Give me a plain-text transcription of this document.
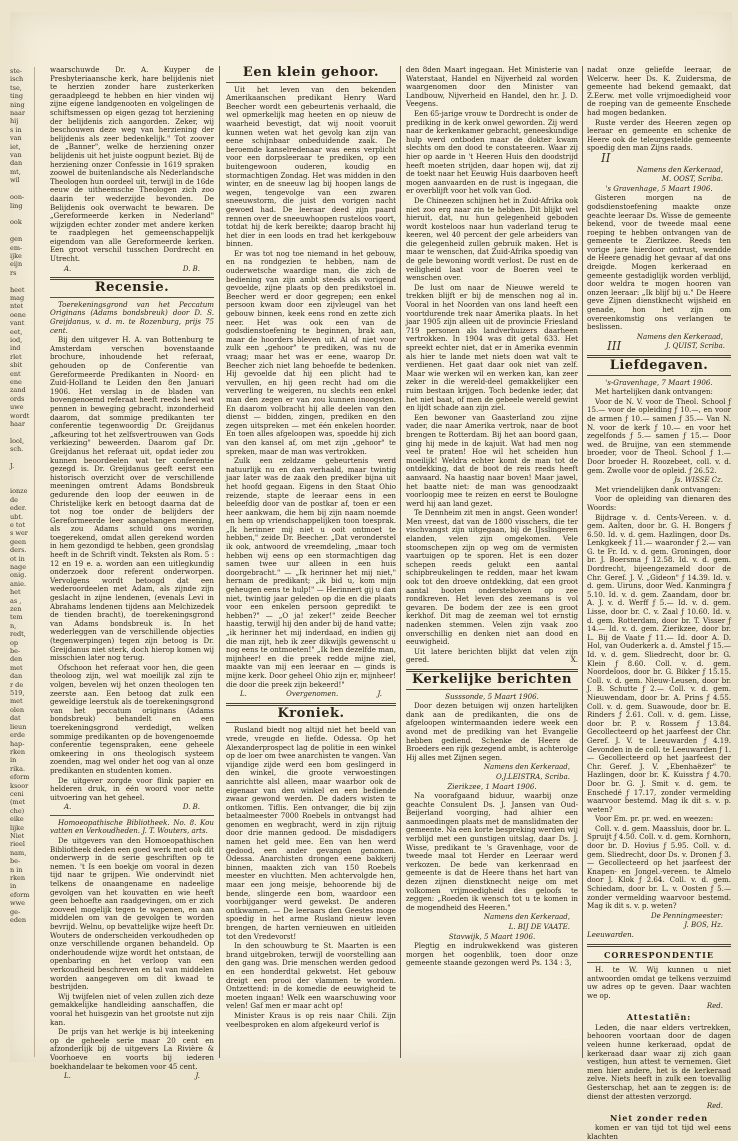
ste-
isch
tse,
ting
ning
naar
hij
s in
van
iet,
van
dan
mt,
wil

oon-
ling

ook

gen
em-
ijke
eijn
rs

heet
mag
ntet
oene
vant
eet,
iod,
ind
rlet
sbit
ent
ene
zand
ords
uwe
wordt
haar

lool,
sch.

J.

ionze
de
eder.
ubt.
e tot
s wer
geen
ders.
ot in
nage
onig.
anie.
het
as ,
zen
tem
n,
redt,
op
be-
den
met
dan
r de
519,
met
olen
dat
lieun
erde
hap-
rken
in
rika.
eform
ksoor
ceni
(met
che)
eike
lijke
Niet
rieel
nam,
be-
n in
rken
in
eform
wwe
ge-
eden

waarschuwde Dr. A. Kuyper de Presbyteriaansche kerk, hare belijdenis niet te herzien zonder hare zusterkerken geraadpleegd te hebben en hier vinden wij zijne eigene landgenooten en volgelingen de schiftsmessen op eigen gezag tot herziening der belijdenis zich aangorden. Zeker, wij beschouwen deze weg van herziening der belijdenis als zeer bedenkelijk." Tot zoover de „Banner", welke de herziening onzer belijdenis uit het juiste oogpunt beziet. Bij de herziening onzer Confessie in 1619 spraken zoowel de buitenlandsche als Nederlandsche Theologen hun oordeel uit, terwijl in de 16de eeuw de uitheemsche Theologen zich zoo daarin ter wederzijde bevonden. De Belijdenis ook overwacht te bewaren. De „Gereformeerde kerken in Nederland" wijzigden echter zonder met andere kerken te raadplegen het gemeenschappelijk eigendom van alle Gereformeerde kerken. Een groot verschil tusschen Dordrecht en Utrecht.

A.	D. B.
Recensie.

Toerekeningsgrond van het Peccatum Originans (Adams bondsbreuk) door D. S. Greijdanus, v. d. m. te Rozenburg, prijs 75 cent.

Bij den uitgever H. A. van Bottenburg te Amsterdam verschen bovenstaande brochure, inhoudende het referaat, gehouden op de Conferentie van Gereformeerde Predikanten in Noord- en Zuid-Holland te Leiden den 8en Januari 1906. Het verslag in de bladen van bovengenoemd referaat heeft reeds heel wat pennen in beweging gebracht, inzonderheid daarom, dat sommige predikanten ter conferentie tegenwoordig Dr. Greijdanus „afkeuring tot het zelfsvertrouwen van Gods verkiezing" beweerden. Daarom gaf Dr. Greijdanus het referaat uit, opdat ieder zou kunnen beoordeelen wat ter conferentie gezegd is. Dr. Greijdanus geeft eerst een historisch overzicht over de verschillende meeningen omtrent Adams Bondsbreuk gedurende den loop der eeuwen in de Christelijke kerk en betoogt daarna dat de tot nog toe onder de belijders der Gereformeerde leer aangehangen meening, als zou Adams schuld ons worden toegerekend, omdat allen gerekend worden in hem gezondigd te hebben, geen grondslag heeft in de Schrift vindt. Teksten als Rom. 5 : 12 en 19 e. a. worden aan een uitlegkundig onderzoek door referent onderworpen. Vervolgens wordt betoogd dat een wederoordeelen met Adam, als zijnde zijn geslacht in zijne lendenen, (evenals Levi in Abrahams lendenen tijdens aan Melchizedek de tienden bracht), de toerekeningsgrond van Adams bondsbreuk is. In het wederleggen van de verschillende objecties (tegenwerpingen) tegen zijn betoog is Dr. Greijdanus niet sterk, doch hierop komen wij misschien later nog terug.

Ofschoon het referaat voor hen, die geen theoloog zijn, wel wat moeilijk zal zijn te volgen, bevelen wij het onzen theologen ten zeerste aan. Een betoog dat zulk een geweldige leerstuk als de toerekeningsgrond van het peccatum originans (Adams bondsbreuk) behandelt en een toerekeningsgrond verdedigt, welken sommige predikanten op de bovengenoemde conferentie tegenspraken, eene geheele omkeering in ons theologisch systeem zoenden, mag wel onder het oog van al onze predikanten en studenten komen.

De uitgever zorgde voor flink papier en helderen druk, in één woord voor nette uitvoering van het geheel.

A.	D. B.

Homoeopathische Bibliotheek. No. 8. Kou vatten en Verkoudheden. J. T. Wouters, arts.

De uitgevers van den Homoeopathischen Bibliotheek deden een goed werk met ook dit onderwerp in de serie geschriften op te nemen. 't Is een boekje om vooral in dezen tijd naar te grijpen. Wie ondervindt niet telkens de onaangename en nadeelige gevolgen van het kouvatten en wie heeft geen behoefte aan raadgevingen, om er zich zooveel mogelijk tegen te wapenen, en aan middelen om van de gevolgen te worden bevrijd. Welnu, op bevattelijke wijze heeft Dr. Wouters de onderscheiden verkoudheden op onze verschillende organen behandeld. Op onderhoudende wijze wordt het ontstaan, de openbaring en het verloop van een verkoudheid beschreven en tal van middelen worden aangegeven om dit kwaad te bestrijden.

Wij twijfelen niet of velen zullen zich deze gemakkelijke handleiding aanschaffen, die vooral het huisgezin van het grootste nut zijn kan.

De prijs van het werkje is bij inteekening op de geheele serie maar 20 cent en afzonderlijk bij de uitgevers La Rivière & Voorhoeve en voorts bij iederen boekhandelaar te bekomen voor 45 cent.

L.	J.
Een klein gehoor.

Uit het leven van den bekenden Amerikaanschen predikant Henry Ward Beecher wordt een gebeurtenis verhaald, die wel opmerkelijk mag heeten en op nieuw de waarheid bevestigt, dat wij nooit vooruit kunnen weten wat het gevolg kan zijn van eene schijnbaar onbeduidende zaak. De beroemde kanselredenaar was eens verplicht voor een dorpsleeraar te prediken, op een buitengewoon ouderen, koudig en stormachtigen Zondag. Het was midden in den winter, en de sneeuw lag bij hoopen langs de wegen, tengevolge van een zwaren sneeuwstorm, die juist den vorigen nacht gewoed had. De leeraar deed zijn paard rennen over de sneeuwhoopen rusteloos voort, totdat hij de kerk bereikte; daarop bracht hij het dier in een loods en trad het kerkgebouw binnen.

Er was tot nog toe niemand in het gebouw, en na rondgezien te hebben, nam de ouderwetsche waardige man, die zich de bediening van zijn ambt steeds als vorigend gevoelde, zijne plaats op den predikstoel in. Beecher werd er door gegrepen; een enkel persoon kwam door een zijvleugel van het gebouw binnen, keek eens rond en zette zich neer. Het was ook een van de godsdienstoefening te beginnen, brak aan, maar de hoorders bleven uit. Al of niet voor zulk een „gehoor" te prediken, was nu de vraag; maar het was er eene, waarop Dr. Beecher zich niet lang behoefde te bedenken. Hij gevoelde dat hij een plicht had te vervullen, en hij geen recht had om die ververling te weigeren, nu slechts een enkel man den zegen er van zou kunnen inoogsten. En daarom volbracht hij alle deelen van den dienst — bidden, zingen, prediken en den zegen uitspreken — met één enkelen hoorder. En toen alles afgeloopen was, spoedde hij zich van den kansel af, om met zijn „gehoor" te spreken, maar de man was vertrokken.

Zulk een zeldzame gebeurtenis werd natuurlijk nu en dan verhaald, maar twintig jaar later was de zaak den prediker bijna uit het hoofd gegaan. Eigens in den Staat Ohio reizende, stapte de leeraar eens in een beleefdig door van de postkar af, toen er een heer aankwam, die hem bij zijn naam noemde en hem op vriendschappelijken toon toesprak. „Ik herinner mij niet u ooit ontmoet te hebben," zeide Dr. Beecher. „Dat veronderstel ik ook, antwoord de vreemdeling, „maar toch hebben wij eens op een stormachtigen dag samen twee uur alleen in een huis doorgebracht." — „Ik herinner het mij niet," hernam de predikant; „ik bid u, kom mijn geheugen eens te hulp!" — Herinnert gij u dan niet, twintig jaar geleden op die en die plaats voor een enkelen persoon gepredikt te hebben?" — „O ja! zeker!" zeide Beecher haastig, terwijl hij den ander bij de hand vatte; „ik herinner het mij inderdaad, en indien gij die man zijt, heb ik zeer dikwijls gewenscht u nog eens te ontmoeten!" „Ik ben dezelfde man, mijnheer! en die preek redde mijne ziel, maakte van mij een leeraar en — ginds is mijne kerk. Door geheel Ohio zijn er, mijnheer! die door die preek zijn bekeerd!"

L.	Overgenomen.	J.
Kroniek.

Rusland biedt nog altijd niet het beeld van vrede, vreugde en liefde. Odessa. Op het Alexanderprospect lag de politie in een winkel op de loer om twee anarchisten te vangen. Van vijandige zijde werd een bom geslingerd in den winkel, die groote verwoestingen aanrichtte alsl alleen, maar waarbor ook de eigenaar van den winkel en een bediende zwaar gewond werden. De daders wisten te ontkomen. Tiflis. Een ontvanger, die bij zijn betaalmeester 7000 Roebels in ontvangst had genomen en wegbracht, werd in zijn rijtuig door drie mannen gedood. De misdadigers namen het geld mee. Een van hen werd gedood, een ander gevangen genomen. Odessa. Anarchisten drongen eene bakkerij binnen, maakten zich van 150 Roebels meester en vluchtten. Men achtervolgde hen, maar een jong meisje, behoorende bij de bende, slingerde een bom, waardoor een voorbijganger werd gewekst. De anderen ontkwamen. — De leeraars den Geestes moge spoedig in het arme Rusland nieuw leven brengen, de harten vernieuwen en uitleiden tot den Vredevorst!

In den schouwburg te St. Maarten is een brand uitgebroken, terwijl de voorstelling aan den gang was. Drie menschen werden gedood en een honderdtal gekwetst. Het gebouw dreigt een prooi der vlammen te worden. Ontzettend: in de komedie de eeuwigheid te moeten ingaan! Welk een waarschuwing voor velen! Gaf men er maar acht op!

Minister Kraus is op reis naar Chili. Zijn veelbesproken en alom afgekeurd verlof is

den 8den Maart ingegaan. Het Ministerie van Waterstaat, Handel en Nijverheid zal worden waargenomen door den Minister van Landbouw, Nijverheid en Handel, den hr. J. D. Veegens.

Een 65-jarige vrouw te Dordrecht is onder de prediking in de kerk onwel geworden. Zij werd naar de kerkenkamer gebracht, geneeskundige hulp werd ontboden maar de dokter kwam slechts om den dood te constateeren. Waar zij hier op aarde in 't Heeren Huis den doodstrijd heeft moeten strijden, daar hopen wij, dat zij de toekt naar het Eeuwig Huis daarboven heeft mogen aanvaarden en de rust is ingegaan, die er overblijft voor het volk van God.

De Chineezen schijnen het in Zuid-Afrika ook niet zoo erg naar zin te hebben. Dit blijkt wel hieruit, dat, nu hun gelegenheid geboden wordt kosteloos naar hun vaderland terug te keeren, wel 40 percent der gele arbeiders van die gelegenheid zullen gebruik maken. Het is maar te wenschen, dat Zuid-Afrika spoedig van de gele bewoning wordt verlost. De rust en de veiligheid laat voor de Boeren veel te wenschen over.

De lust om naar de Nieuwe wereld te trekken blijft er bij de menschen nog al in. Vooral in het Noorden van ons land heeft een voortdurende trek naar Amerika plaats. In het jaar 1905 zijn alleen uit de provincie Friesland 719 personen als landverhuizers daarheen vertrokken. In 1904 was dit getal 633. Het spreekt echter niet, dat er in Amerika evenmin als hier te lande met niets doen wat valt te verdienen. Het gaat daar ook niet van zelf. Maar wie werken wil en werken kan, kan zeer zeker in die wereld-deel gemakkelijker een ruim bestaan krijgen. Toch bedenke ieder, dat het niet baat, of men de gebeele wereld gewint en lijdt schade aan zijn ziel.

Een bewoner van Gaasterland zou zijne vader, die naar Amerika vertrok, naar de boot brengen te Rotterdam. Bij het aan boord gaan, ging hij mede in de kajuit. Wat had men nog veel te praten! Hoe wil het scheiden hun moeilijk! Weldra echter komt de man tot de ontdekking, dat de boot de reis reeds heeft aanvaard. Na haastig naar boven! Maar jawel, het baatte niet: de man was genoodzaakt voorloopig mee te reizen en eerst te Boulogne werd hij aan land gezet.

Te Dennheim zit men in angst. Geen wonder! Men vreest, dat van de 1800 visschers, die ter vischvangst zijn uitgegaan, bij de IJsslingeren elanden, velen zijn omgekomen. Vele stoomschepen zijn op weg om de vermisten vaartuigen op te sporen. Het is een dozer schepen reeds gelukt een aantal schipbreukelingen te redden, maar het kwam ook tot den droeve ontdekking, dat een groot aantal booten ondersteboven op zee rondkreven. Het leven des zeemans is vol gevaren. De bodem der zee is een groot kerkhof. Dit mag de zeeman wel tot ernstig nadenken stemmen. Velen zijn vaak zoo onverschillig en denken niet aan dood en eeuwigheid.

Uit latere berichten blijkt dat velen zijn gered.	X.

Kerkelijke berichten

Susssonde, 5 Maart 1906.

Door dezen betuigen wij onzen hartelijken dank aan de predikanten, die ons de afgeloopen wintermaanden iedere week een avond met de prediking van het Evangelie hebben gediend. Schenke de Heere de Broeders een rijk gezegend ambt, is achterolge Hij alles met Zijnen segen.

Namens den Kerkeraad,
O.J.LEISTRA, Scriba.

Zierikzee, 1 Maart 1906.

Na voorafgaand biduur, waarbij onze geachte Consulent Ds. J. Jansen van Oud-Beijerland voorging, had alhier een aanmoedingen plaats met de manslidmaten der gemeente. Na een korte bespreking werden wij verblijd met een gunstigen uitslag, daar Ds. J. Wisse, predikant te 's Gravenhage, voor de tweede maal tot Herder en Leeraar werd verkozen. De bede van kerkenraad en gemeente is dat de Heere thans het hart van dezen zijnen dienstknecht neige om met volkomen vrijmoedigheid des geloofs te zeggen: „Roeden ik wensch tot u te komen in de mogendheid des Heeren."

Namens den Kerkeraad,
L. BIJ DE VAATE.

Stavwijk, 5 Maart 1906.

Plegtig en indrukwekkend was gisteren morgen het oogenblik, toen door onze gemeente staande gezongen werd Ps. 134 : 3,

nadat onze geliefde leeraar, de Welcerw. heer Ds. K. Zuidersma, de gemeente had bekend gemaakt, dat Z.Eerw. met volle vrijmoedigheid voor de roeping van de gemeente Enschede had mogen bedanken.

Ruste verder des Heeren zegen op leeraar en gemeente en schenke de Heere ook de teleurgestelde gemeente spoedig den man Zijns raads.

II
Namens den Kerkeraad,
M. OOST, Scriba.

's Gravenhage, 5 Maart 1906.

Gisteren morgen na de godsdienstoefening maakte onze geachte leeraar Ds. Wisse de gemeente bekend, voor de tweede maal eene roeping te hebben ontvangen van de gemeente te Zierikzee. Reeds ten vorige jare hierdoor ontrust, wendde de Heere genadig het gevaar af dat ons dreigde. Mogen kerkeraad en gemeente gestadiglijk worden verblijd, door weldra te mogen hooren van onzen leeraar: „Ik blijf bij u." De Heere geve Zijnen dienstknecht wijsheid en genade, hon het zijn om overeenkomstig ons verlangen te beslissen.

Namens den Kerkeraad,
III	J. QUIST, Scriba.
Liefdegaven.

's-Gravenhage, 7 Maart 1906.

Met hartelijken dank ontvangen:

Voor de N. V. voor de Theol. School ƒ 15.— voor de opleiding ƒ 10.—, en voor de armen ƒ 10.— samen ƒ 35.— Van N. N. voor de kerk ƒ 10.— en voor het zegelfonds ƒ 5.— samen ƒ 15.— Door wed. de Bruijne, van een stemmende broeder, voor de Theol. School ƒ 1.— Door broeder H. Roozebeet, coll. v. d. gem. Zwolle voor de opleid. ƒ 26.52.

Js. WISSE Cz.

Met vriendelijken dank ontvangen:

Voor de opleiding van dienaren des Woords:

Bijdrage v. d. Cents-Vereen. v. d. gem. Aalten, door br. G. H. Bongers ƒ 6.50. Id. v. d. gem. Hazlingen, door Ds. Lenkgkeek ƒ 11.— waaronder ƒ 2.— van G. te Fr. Id. v. d. gem. Groningen, door br. J. Boersma ƒ 12.58. Id. v. d. gem. Dordrecht, bijeengezameld door de Chr. Geref. J. V. „Gideon" ƒ 14.39. Id. v. d. gem. Uiruns, door Wed. Kanmingra ƒ 5.10. Id. v. d. gem. Zaandam, door br. A. J. v. d. Werff ƒ 5.— Id. v. d. gem. Lisse, door br. C. v. Zaal ƒ 10.60. Id. v. d. gem. Rotterdam, door br. T. Visser ƒ 14.— Id. v. d. gem. Zierikzee, door br. L. Bij de Vaate ƒ 11.— Id. door A. D. Hol, van Ouderkerk a. d. Amstel ƒ 15.— Id. v. d. gem. Sliedrecht, door br. G. Klein ƒ 8.60. Coll. v. d. gem. Noordeloos, door br. G. Bikker ƒ 15.15. Coll. v. d. gem. Nieuw-Leusen, door br. J. B. Schutte ƒ 2.— Coll. v. d. gem. Nieuwendam, door br. A. Prins ƒ 4.55. Coll. v. d. gem. Suawoude, door br. E. Rinders ƒ 2.61. Coll. v. d. gem. Lisse, door br. P. v. Rossem ƒ 13.84. Gecollecteerd op het jaarfeest der Chr. Geref. J. V. te Leeuwarden ƒ 4.19. Gevonden in de coll. te Leeuwarden ƒ 1.— Gecollecteerd op het jaarfeest der Chr. Geref. J. V. „Ebenhaëzer" te Hazlingen, door br. K. Kuisstra ƒ 4.70. Door br. G. J. Smit v. d. gem. te Enschedé ƒ 17.17, zonder vermelding waarvoor bestemd. Mag ik dit s. v. p. weten?

Voor Em. pr. pr. wed. en weezen:

Coll. v. d. gem. Maassluis, door br. L. Spruijt ƒ 4.50. Coll. v. d. gem. Kornhorn, door br. D. Hovius ƒ 5.95. Coll. v. d. gem. Sliedrecht, door Ds. v. Dronen ƒ 3.— Gecollecteerd op het jaarfeest der Knapen- en Jongel.-vereen. te Almelo door J. Klok ƒ 2.64. Coll. v. d. gem. Schiedam, door br. L. v. Oosten ƒ 5.— zonder vermelding waarvoor bestemd. Mag ik dit s. v. p. weten?

De Penningmeester:
J. BOS, Hz.

Leeuwarden.

CORRESPONDENTIE

H. te W. Wij kunnen u niet antwoorden omdat ge telkens verzuimd uw adres op te geven. Daar wachten we op.

Red.
Attestatiën:

Leden, die naar elders vertrekken, behooren voortaan door de dagen veleen hunne kerkeraad, opdat de kerkeraad daar waar zij zich gaan vestigen, hun attest te vernemen. Giet men hier andere, het is de kerkeraad zelve. Niets heeft in zulk een toevallig Gesterschap, het aan te zeggen is: de dienst der attesten verzorgd.

Red.
Niet zonder reden

komen er van tijd tot tijd wel eens klachten
